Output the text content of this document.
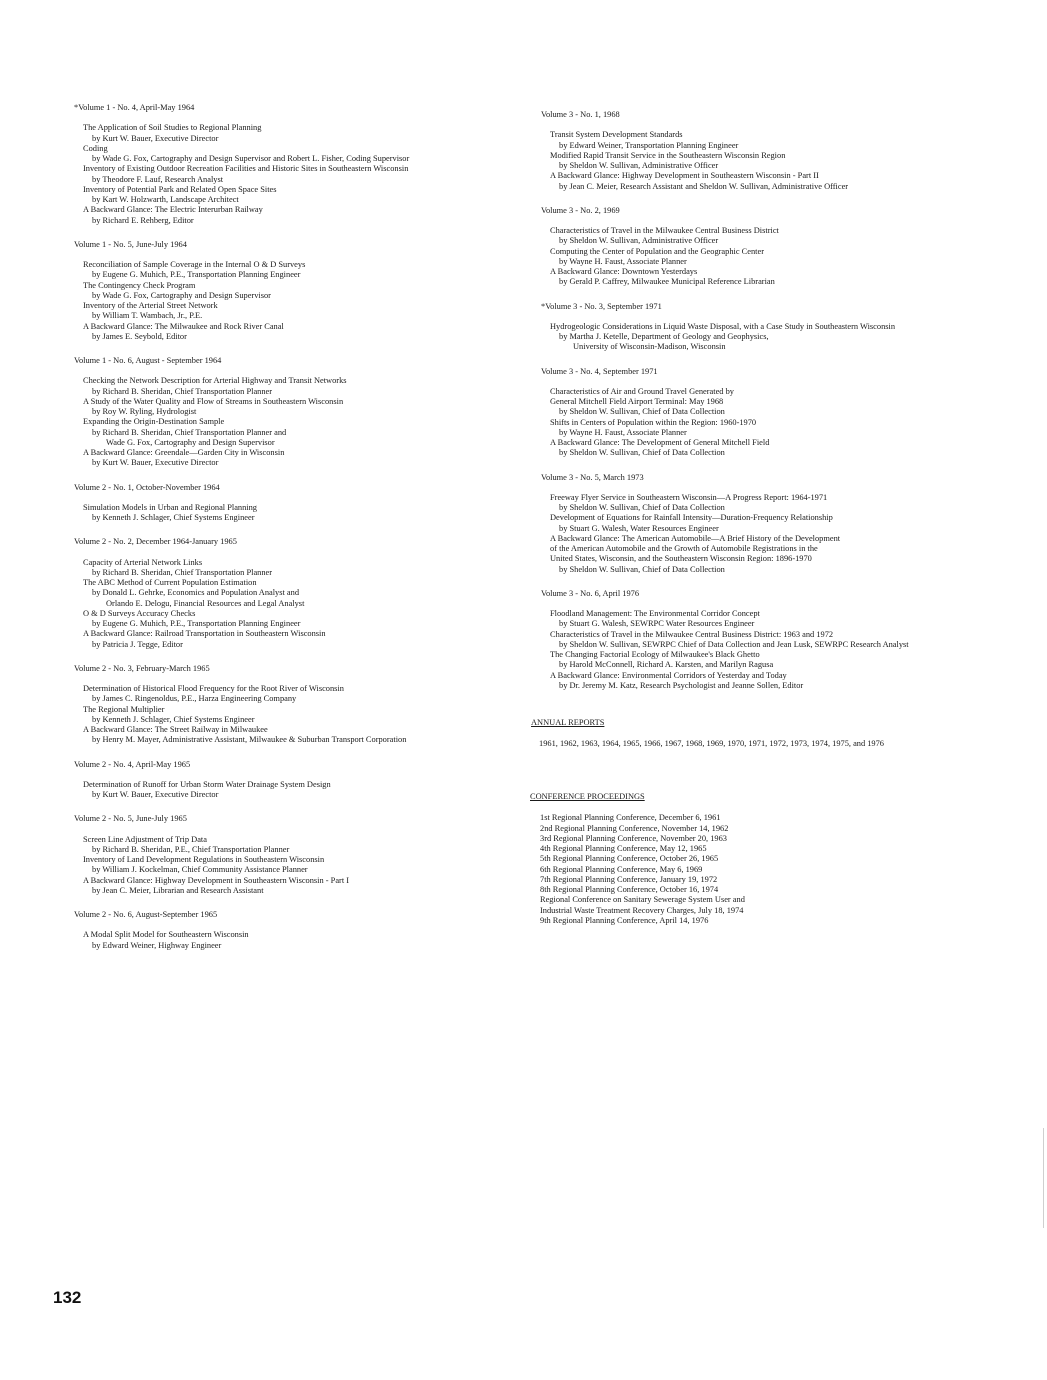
*Volume 1 - No. 4, April-May 1964
The Application of Soil Studies to Regional Planning
by Kurt W. Bauer, Executive Director
Coding
by Wade G. Fox, Cartography and Design Supervisor and Robert L. Fisher, Coding Supervisor
Inventory of Existing Outdoor Recreation Facilities and Historic Sites in Southeastern Wisconsin
by Theodore F. Lauf, Research Analyst
Inventory of Potential Park and Related Open Space Sites
by Kart W. Holzwarth, Landscape Architect
A Backward Glance: The Electric Interurban Railway
by Richard E. Rehberg, Editor
Volume 1 - No. 5, June-July 1964
Reconciliation of Sample Coverage in the Internal O & D Surveys
by Eugene G. Muhich, P.E., Transportation Planning Engineer
The Contingency Check Program
by Wade G. Fox, Cartography and Design Supervisor
Inventory of the Arterial Street Network
by William T. Wambach, Jr., P.E.
A Backward Glance: The Milwaukee and Rock River Canal
by James E. Seybold, Editor
Volume 1 - No. 6, August - September 1964
Checking the Network Description for Arterial Highway and Transit Networks
by Richard B. Sheridan, Chief Transportation Planner
A Study of the Water Quality and Flow of Streams in Southeastern Wisconsin
by Roy W. Ryling, Hydrologist
Expanding the Origin-Destination Sample
by Richard B. Sheridan, Chief Transportation Planner and
Wade G. Fox, Cartography and Design Supervisor
A Backward Glance: Greendale—Garden City in Wisconsin
by Kurt W. Bauer, Executive Director
Volume 2 - No. 1, October-November 1964
Simulation Models in Urban and Regional Planning
by Kenneth J. Schlager, Chief Systems Engineer
Volume 2 - No. 2, December 1964-January 1965
Capacity of Arterial Network Links
by Richard B. Sheridan, Chief Transportation Planner
The ABC Method of Current Population Estimation
by Donald L. Gehrke, Economics and Population Analyst and
Orlando E. Delogu, Financial Resources and Legal Analyst
O & D Surveys Accuracy Checks
by Eugene G. Muhich, P.E., Transportation Planning Engineer
A Backward Glance: Railroad Transportation in Southeastern Wisconsin
by Patricia J. Tegge, Editor
Volume 2 - No. 3, February-March 1965
Determination of Historical Flood Frequency for the Root River of Wisconsin
by James C. Ringenoldus, P.E., Harza Engineering Company
The Regional Multiplier
by Kenneth J. Schlager, Chief Systems Engineer
A Backward Glance: The Street Railway in Milwaukee
by Henry M. Mayer, Administrative Assistant, Milwaukee & Suburban Transport Corporation
Volume 2 - No. 4, April-May 1965
Determination of Runoff for Urban Storm Water Drainage System Design
by Kurt W. Bauer, Executive Director
Volume 2 - No. 5, June-July 1965
Screen Line Adjustment of Trip Data
by Richard B. Sheridan, P.E., Chief Transportation Planner
Inventory of Land Development Regulations in Southeastern Wisconsin
by William J. Kockelman, Chief Community Assistance Planner
A Backward Glance: Highway Development in Southeastern Wisconsin - Part I
by Jean C. Meier, Librarian and Research Assistant
Volume 2 - No. 6, August-September 1965
A Modal Split Model for Southeastern Wisconsin
by Edward Weiner, Highway Engineer
Volume 3 - No. 1, 1968
Transit System Development Standards
by Edward Weiner, Transportation Planning Engineer
Modified Rapid Transit Service in the Southeastern Wisconsin Region
by Sheldon W. Sullivan, Administrative Officer
A Backward Glance: Highway Development in Southeastern Wisconsin - Part II
by Jean C. Meier, Research Assistant and Sheldon W. Sullivan, Administrative Officer
Volume 3 - No. 2, 1969
Characteristics of Travel in the Milwaukee Central Business District
by Sheldon W. Sullivan, Administrative Officer
Computing the Center of Population and the Geographic Center
by Wayne H. Faust, Associate Planner
A Backward Glance: Downtown Yesterdays
by Gerald P. Caffrey, Milwaukee Municipal Reference Librarian
*Volume 3 - No. 3, September 1971
Hydrogeologic Considerations in Liquid Waste Disposal, with a Case Study in Southeastern Wisconsin
by Martha J. Ketelle, Department of Geology and Geophysics,
University of Wisconsin-Madison, Wisconsin
Volume 3 - No. 4, September 1971
Characteristics of Air and Ground Travel Generated by
General Mitchell Field Airport Terminal: May 1968
by Sheldon W. Sullivan, Chief of Data Collection
Shifts in Centers of Population within the Region: 1960-1970
by Wayne H. Faust, Associate Planner
A Backward Glance: The Development of General Mitchell Field
by Sheldon W. Sullivan, Chief of Data Collection
Volume 3 - No. 5, March 1973
Freeway Flyer Service in Southeastern Wisconsin—A Progress Report: 1964-1971
by Sheldon W. Sullivan, Chief of Data Collection
Development of Equations for Rainfall Intensity—Duration-Frequency Relationship
by Stuart G. Walesh, Water Resources Engineer
A Backward Glance: The American Automobile—A Brief History of the Development
of the American Automobile and the Growth of Automobile Registrations in the
United States, Wisconsin, and the Southeastern Wisconsin Region: 1896-1970
by Sheldon W. Sullivan, Chief of Data Collection
Volume 3 - No. 6, April 1976
Floodland Management: The Environmental Corridor Concept
by Stuart G. Walesh, SEWRPC Water Resources Engineer
Characteristics of Travel in the Milwaukee Central Business District: 1963 and 1972
by Sheldon W. Sullivan, SEWRPC Chief of Data Collection and Jean Lusk, SEWRPC Research Analyst
The Changing Factorial Ecology of Milwaukee's Black Ghetto
by Harold McConnell, Richard A. Karsten, and Marilyn Ragusa
A Backward Glance: Environmental Corridors of Yesterday and Today
by Dr. Jeremy M. Katz, Research Psychologist and Jeanne Sollen, Editor
ANNUAL REPORTS
1961, 1962, 1963, 1964, 1965, 1966, 1967, 1968, 1969, 1970, 1971, 1972, 1973, 1974, 1975, and 1976
CONFERENCE PROCEEDINGS
1st Regional Planning Conference, December 6, 1961
2nd Regional Planning Conference, November 14, 1962
3rd Regional Planning Conference, November 20, 1963
4th Regional Planning Conference, May 12, 1965
5th Regional Planning Conference, October 26, 1965
6th Regional Planning Conference, May 6, 1969
7th Regional Planning Conference, January 19, 1972
8th Regional Planning Conference, October 16, 1974
Regional Conference on Sanitary Sewerage System User and
Industrial Waste Treatment Recovery Charges, July 18, 1974
9th Regional Planning Conference, April 14, 1976
132
